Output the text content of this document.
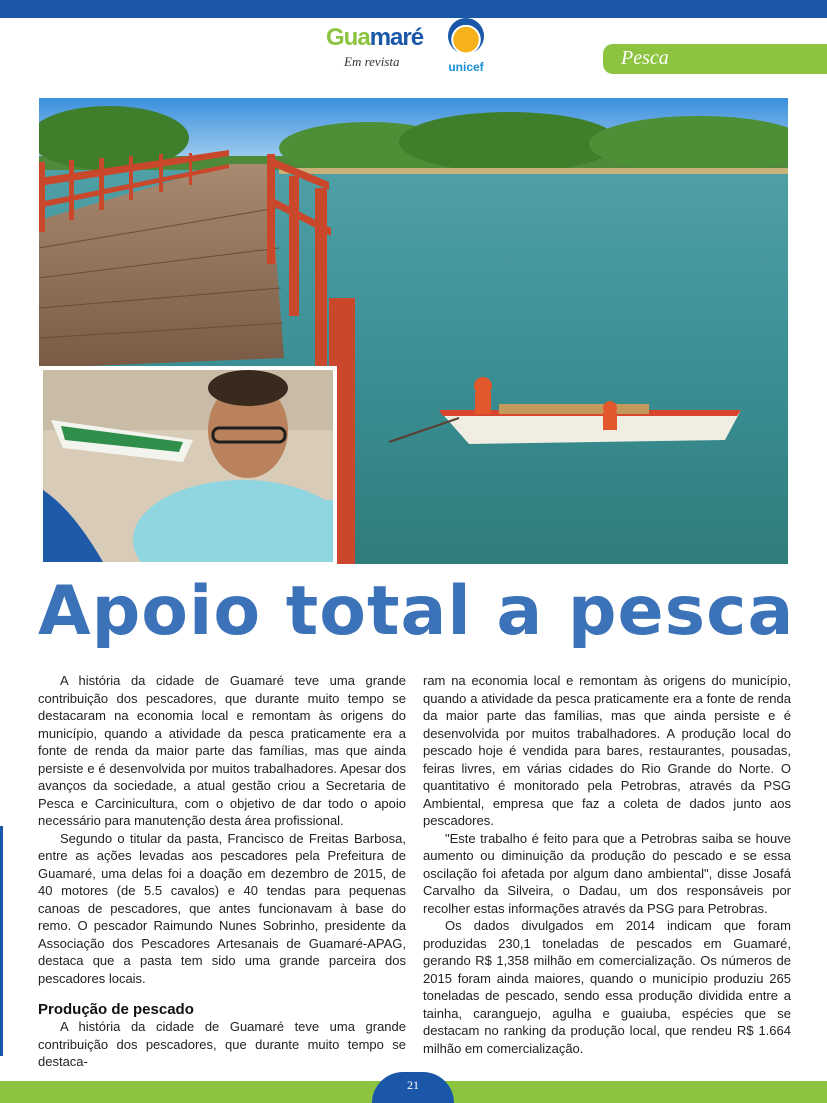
Guamaré
Em revista	unicef	Pesca
Apoio total a pesca

A história da cidade de Guamaré teve uma grande contribuição dos pescadores, que durante muito tempo se destacaram na economia local e remontam às origens do município, quando a atividade da pesca praticamente era a fonte de renda da maior parte das famílias, mas que ainda persiste e é desenvolvida por muitos trabalhadores. Apesar dos avanços da sociedade, a atual gestão criou a Secretaria de Pesca e Carcinicultura, com o objetivo de dar todo o apoio necessário para manutenção desta área profissional.

Segundo o titular da pasta, Francisco de Freitas Barbosa, entre as ações levadas aos pescadores pela Prefeitura de Guamaré, uma delas foi a doação em dezembro de 2015, de 40 motores (de 5.5 cavalos) e 40 tendas para pequenas canoas de pescadores, que antes funcionavam à base do remo. O pescador Raimundo Nunes Sobrinho, presidente da Associação dos Pescadores Artesanais de Guamaré-APAG, destaca que a pasta tem sido uma grande parceira dos pescadores locais.

Produção de pescado

A história da cidade de Guamaré teve uma grande contribuição dos pescadores, que durante muito tempo se destaca-

ram na economia local e remontam às origens do município, quando a atividade da pesca praticamente era a fonte de renda da maior parte das famílias, mas que ainda persiste e é desenvolvida por muitos trabalhadores. A produção local do pescado hoje é vendida para bares, restaurantes, pousadas, feiras livres, em várias cidades do Rio Grande do Norte. O quantitativo é monitorado pela Petrobras, através da PSG Ambiental, empresa que faz a coleta de dados junto aos pescadores.

"Este trabalho é feito para que a Petrobras saiba se houve aumento ou diminuição da produção do pescado e se essa oscilação foi afetada por algum dano ambiental", disse Josafá Carvalho da Silveira, o Dadau, um dos responsáveis por recolher estas informações através da PSG para Petrobras.

Os dados divulgados em 2014 indicam que foram produzidas 230,1 toneladas de pescados em Guamaré, gerando R$ 1,358 milhão em comercialização. Os números de 2015 foram ainda maiores, quando o município produziu 265 toneladas de pescado, sendo essa produção dividida entre a tainha, caranguejo, agulha e guaiuba, espécies que se destacam no ranking da produção local, que rendeu R$ 1.664 milhão em comercialização.

21
